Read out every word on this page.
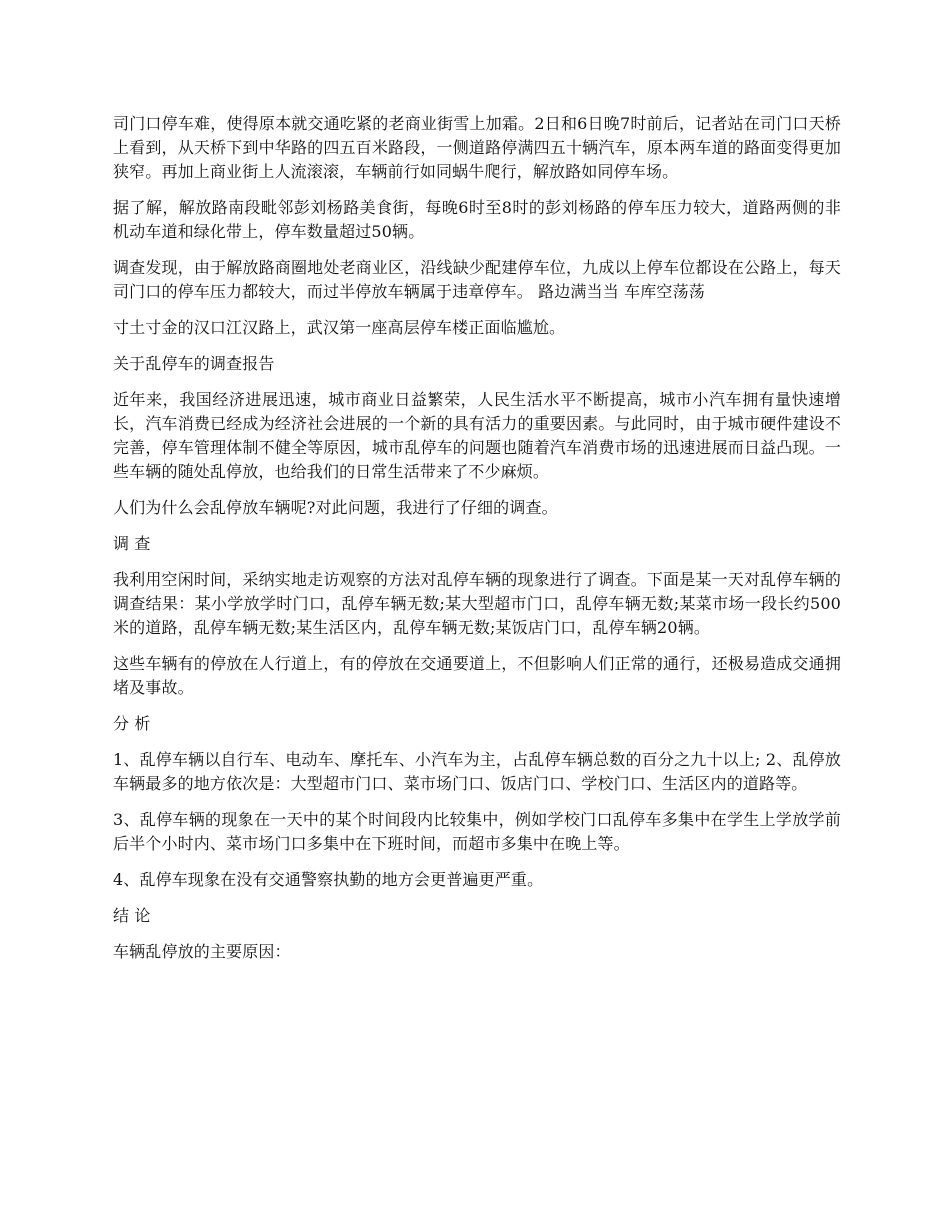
司门口停车难，使得原本就交通吃紧的老商业街雪上加霜。2日和6日晚7时前后，记者站在司门口天桥上看到，从天桥下到中华路的四五百米路段，一侧道路停满四五十辆汽车，原本两车道的路面变得更加狭窄。再加上商业街上人流滚滚，车辆前行如同蜗牛爬行，解放路如同停车场。

据了解，解放路南段毗邻彭刘杨路美食街，每晚6时至8时的彭刘杨路的停车压力较大，道路两侧的非机动车道和绿化带上，停车数量超过50辆。

调查发现，由于解放路商圈地处老商业区，沿线缺少配建停车位，九成以上停车位都设在公路上，每天司门口的停车压力都较大，而过半停放车辆属于违章停车。 路边满当当 车库空荡荡

寸土寸金的汉口江汉路上，武汉第一座高层停车楼正面临尴尬。

关于乱停车的调查报告

近年来，我国经济进展迅速，城市商业日益繁荣，人民生活水平不断提高，城市小汽车拥有量快速增长，汽车消费已经成为经济社会进展的一个新的具有活力的重要因素。与此同时，由于城市硬件建设不完善，停车管理体制不健全等原因，城市乱停车的问题也随着汽车消费市场的迅速进展而日益凸现。一些车辆的随处乱停放，也给我们的日常生活带来了不少麻烦。

人们为什么会乱停放车辆呢?对此问题，我进行了仔细的调查。

调 查

我利用空闲时间，采纳实地走访观察的方法对乱停车辆的现象进行了调查。下面是某一天对乱停车辆的调查结果：某小学放学时门口，乱停车辆无数;某大型超市门口，乱停车辆无数;某菜市场一段长约500米的道路，乱停车辆无数;某生活区内，乱停车辆无数;某饭店门口，乱停车辆20辆。

这些车辆有的停放在人行道上，有的停放在交通要道上，不但影响人们正常的通行，还极易造成交通拥堵及事故。

分 析

1、乱停车辆以自行车、电动车、摩托车、小汽车为主，占乱停车辆总数的百分之九十以上; 2、乱停放车辆最多的地方依次是：大型超市门口、菜市场门口、饭店门口、学校门口、生活区内的道路等。

3、乱停车辆的现象在一天中的某个时间段内比较集中，例如学校门口乱停车多集中在学生上学放学前后半个小时内、菜市场门口多集中在下班时间，而超市多集中在晚上等。

4、乱停车现象在没有交通警察执勤的地方会更普遍更严重。

结 论

车辆乱停放的主要原因：
